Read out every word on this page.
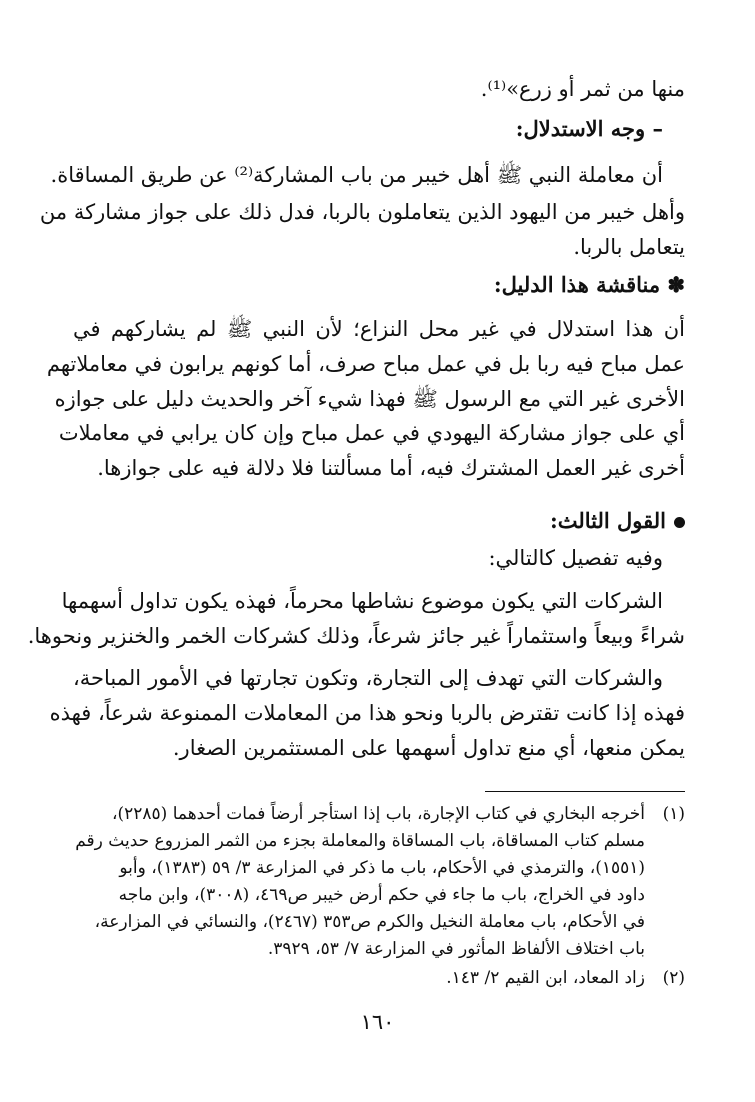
منها من ثمر أو زرع»⁽¹⁾.
– وجه الاستدلال:
أن معاملة النبي ﷺ أهل خيبر من باب المشاركة⁽²⁾ عن طريق المساقاة.
وأهل خيبر من اليهود الذين يتعاملون بالربا، فدل ذلك على جواز مشاركة من
يتعامل بالربا.
✽ مناقشة هذا الدليل:
أن هذا استدلال في غير محل النزاع؛ لأن النبي ﷺ لم يشاركهم في
عمل مباح فيه ربا بل في عمل مباح صرف، أما كونهم يرابون في معاملاتهم
الأخرى غير التي مع الرسول ﷺ فهذا شيء آخر والحديث دليل على جوازه
أي على جواز مشاركة اليهودي في عمل مباح وإن كان يرابي في معاملات
أخرى غير العمل المشترك فيه، أما مسألتنا فلا دلالة فيه على جوازها.
القول الثالث:
وفيه تفصيل كالتالي:
الشركات التي يكون موضوع نشاطها محرماً، فهذه يكون تداول أسهمها
شراءً وبيعاً واستثماراً غير جائز شرعاً، وذلك كشركات الخمر والخنزير ونحوها.
والشركات التي تهدف إلى التجارة، وتكون تجارتها في الأمور المباحة،
فهذه إذا كانت تقترض بالربا ونحو هذا من المعاملات الممنوعة شرعاً، فهذه
يمكن منعها، أي منع تداول أسهمها على المستثمرين الصغار.
(١)أخرجه البخاري في كتاب الإجارة، باب إذا استأجر أرضاً فمات أحدهما (٢٢٨٥)،
مسلم كتاب المساقاة، باب المساقاة والمعاملة بجزء من الثمر المزروع حديث رقم
(١٥٥١)، والترمذي في الأحكام، باب ما ذكر في المزارعة ٣/ ٥٩ (١٣٨٣)، وأبو
داود في الخراج، باب ما جاء في حكم أرض خيبر ص٤٦٩، (٣٠٠٨)، وابن ماجه
في الأحكام، باب معاملة النخيل والكرم ص٣٥٣ (٢٤٦٧)، والنسائي في المزارعة،
باب اختلاف الألفاظ المأثور في المزارعة ٧/ ٥٣، ٣٩٢٩.
(٢)زاد المعاد، ابن القيم ٢/ ١٤٣.
١٦٠
